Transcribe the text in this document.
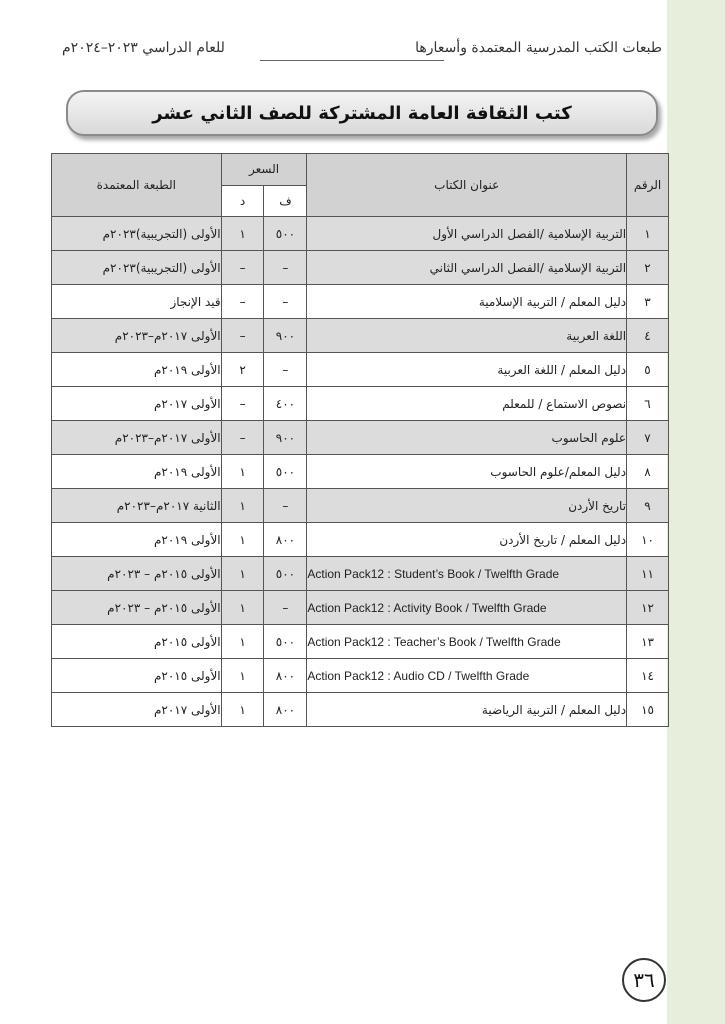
طبعات الكتب المدرسية المعتمدة وأسعارها
للعام الدراسي ٢٠٢٣–٢٠٢٤م
كتب الثقافة العامة المشتركة للصف الثاني عشر
الرقم	عنوان الكتاب	السعر		الطبعة المعتمدة
		ف	د	
١	التربية الإسلامية /الفصل الدراسي الأول	٥٠٠	١	الأولى (التجريبية)٢٠٢٣م
٢	التربية الإسلامية /الفصل الدراسي الثاني	–	–	الأولى (التجريبية)٢٠٢٣م
٣	دليل المعلم / التربية الإسلامية	–	–	قيد الإنجاز
٤	اللغة العربية	٩٠٠	–	الأولى ٢٠١٧م–٢٠٢٣م
٥	دليل المعلم / اللغة العربية	–	٢	الأولى ٢٠١٩م
٦	نصوص الاستماع / للمعلم	٤٠٠	–	الأولى ٢٠١٧م
٧	علوم الحاسوب	٩٠٠	–	الأولى ٢٠١٧م–٢٠٢٣م
٨	دليل المعلم/علوم الحاسوب	٥٠٠	١	الأولى ٢٠١٩م
٩	تاريخ الأردن	–	١	الثانية ٢٠١٧م–٢٠٢٣م
١٠	دليل المعلم / تاريخ الأردن	٨٠٠	١	الأولى ٢٠١٩م
١١	Action Pack12 : Student’s Book / Twelfth Grade	٥٠٠	١	الأولى ٢٠١٥م – ٢٠٢٣م
١٢	Action Pack12 : Activity Book / Twelfth Grade	–	١	الأولى ٢٠١٥م – ٢٠٢٣م
١٣	Action Pack12 : Teacher’s Book / Twelfth Grade	٥٠٠	١	الأولى ٢٠١٥م
١٤	Action Pack12 : Audio CD / Twelfth Grade	٨٠٠	١	الأولى ٢٠١٥م
١٥	دليل المعلم / التربية الرياضية	٨٠٠	١	الأولى ٢٠١٧م
٣٦
